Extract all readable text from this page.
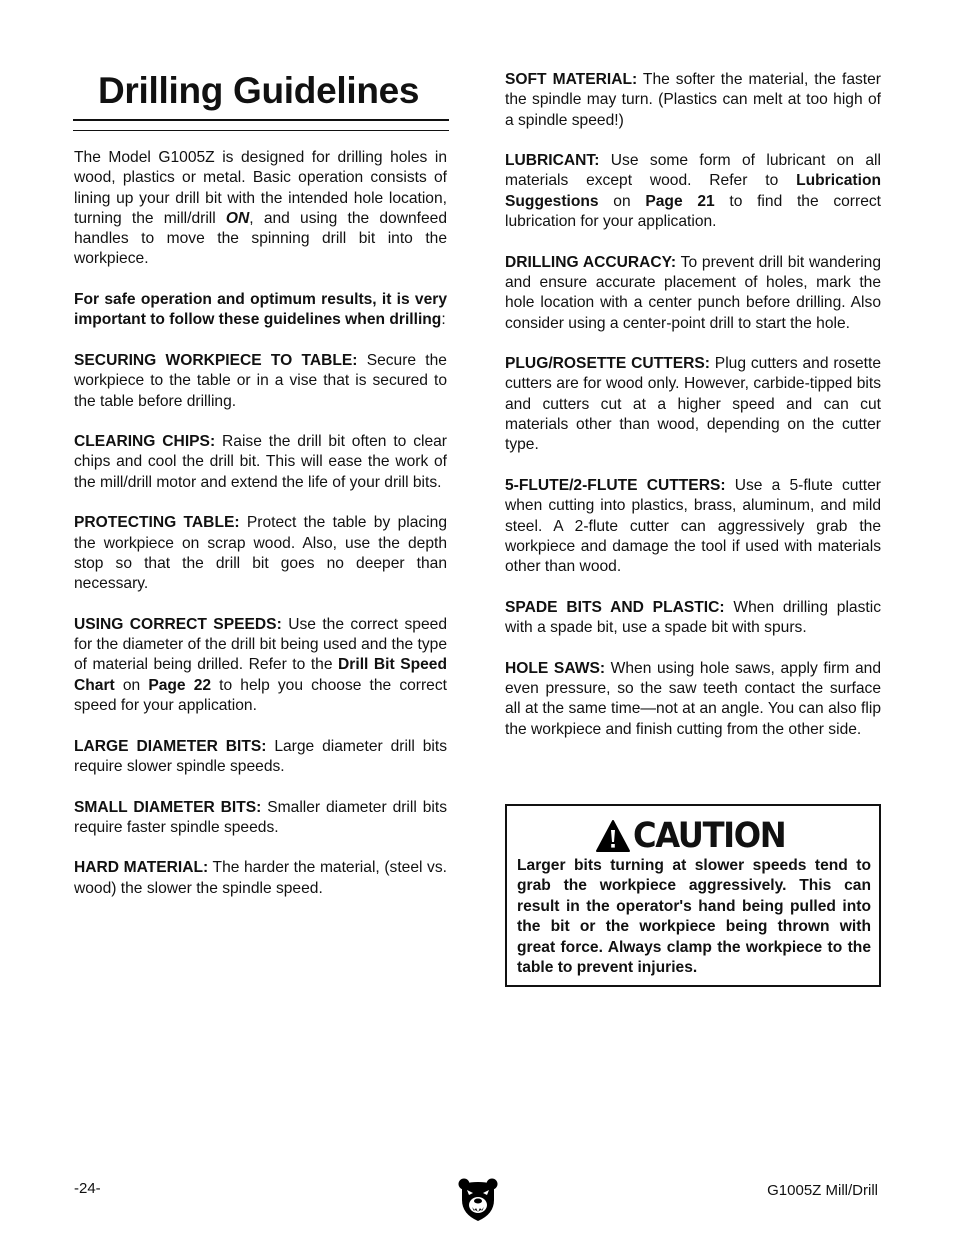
Drilling Guidelines

The Model G1005Z is designed for drilling holes in wood, plastics or metal. Basic operation consists of lining up your drill bit with the intended hole location, turning the mill/drill ON, and using the downfeed handles to move the spinning drill bit into the workpiece.

For safe operation and optimum results, it is very important to follow these guidelines when drilling:

SECURING WORKPIECE TO TABLE: Secure the workpiece to the table or in a vise that is secured to the table before drilling.

CLEARING CHIPS: Raise the drill bit often to clear chips and cool the drill bit. This will ease the work of the mill/drill motor and extend the life of your drill bits.

PROTECTING TABLE: Protect the table by placing the workpiece on scrap wood. Also, use the depth stop so that the drill bit goes no deeper than necessary.

USING CORRECT SPEEDS: Use the correct speed for the diameter of the drill bit being used and the type of material being drilled. Refer to the Drill Bit Speed Chart on Page 22 to help you choose the correct speed for your application.

LARGE DIAMETER BITS: Large diameter drill bits require slower spindle speeds.

SMALL DIAMETER BITS: Smaller diameter drill bits require faster spindle speeds.

HARD MATERIAL: The harder the material, (steel vs. wood) the slower the spindle speed.

SOFT MATERIAL: The softer the material, the faster the spindle may turn. (Plastics can melt at too high of a spindle speed!)

LUBRICANT: Use some form of lubricant on all materials except wood. Refer to Lubrication Suggestions on Page 21 to find the correct lubrication for your application.

DRILLING ACCURACY: To prevent drill bit wandering and ensure accurate placement of holes, mark the hole location with a center punch before drilling. Also consider using a center-point drill to start the hole.

PLUG/ROSETTE CUTTERS: Plug cutters and rosette cutters are for wood only. However, carbide-tipped bits and cutters cut at a higher speed and can cut materials other than wood, depending on the cutter type.

5-FLUTE/2-FLUTE CUTTERS: Use a 5-flute cutter when cutting into plastics, brass, aluminum, and mild steel. A 2-flute cutter can aggressively grab the workpiece and damage the tool if used with materials other than wood.

SPADE BITS AND PLASTIC: When drilling plastic with a spade bit, use a spade bit with spurs.

HOLE SAWS: When using hole saws, apply firm and even pressure, so the saw teeth contact the surface all at the same time—not at an angle. You can also flip the workpiece and finish cutting from the other side.

CAUTION

Larger bits turning at slower speeds tend to grab the workpiece aggressively. This can result in the operator's hand being pulled into the bit or the workpiece being thrown with great force. Always clamp the workpiece to the table to prevent injuries.

-24-	G1005Z Mill/Drill
